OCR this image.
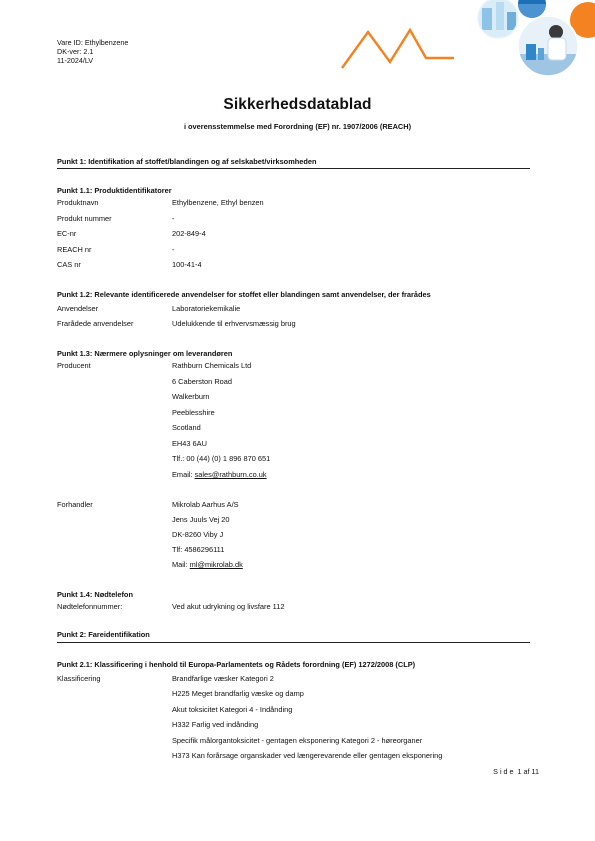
Vare ID: Ethylbenzene
DK-ver: 2.1
11-2024/LV
Sikkerhedsdatablad
i overensstemmelse med Forordning (EF) nr. 1907/2006 (REACH)
Punkt 1: Identifikation af stoffet/blandingen og af selskabet/virksomheden
Punkt 1.1: Produktidentifikatorer
Produktnavn	Ethylbenzene, Ethyl benzen
Produkt nummer	-
EC-nr	202-849-4
REACH nr	-
CAS nr	100-41-4
Punkt 1.2: Relevante identificerede anvendelser for stoffet eller blandingen samt anvendelser, der frarådes
Anvendelser	Laboratoriekemikalie
Frarådede anvendelser	Udelukkende til erhvervsmæssig brug
Punkt 1.3: Nærmere oplysninger om leverandøren
Producent	Rathburn Chemicals Ltd
6 Caberston Road
Walkerburn
Peeblesshire
Scotland
EH43 6AU
Tlf.: 00 (44) (0) 1 896 870 651
Email: sales@rathburn.co.uk
Forhandler	Mikrolab Aarhus A/S
Jens Juuls Vej 20
DK-8260 Viby J
Tlf: 4586296111
Mail: ml@mikrolab.dk
Punkt 1.4: Nødtelefon
Nødtelefonnummer:	Ved akut udrykning og livsfare 112
Punkt 2: Fareidentifikation
Punkt 2.1: Klassificering i henhold til Europa-Parlamentets og Rådets forordning (EF) 1272/2008 (CLP)
Klassificering	Brandfarlige væsker Kategori 2
H225 Meget brandfarlig væske og damp
Akut toksicitet Kategori 4 - Indånding
H332 Farlig ved indånding
Specifik målorgantoksicitet - gentagen eksponering Kategori 2 - høreorganer
H373 Kan forårsage organskader ved længerevarende eller gentagen eksponering
Side 1 af 11
